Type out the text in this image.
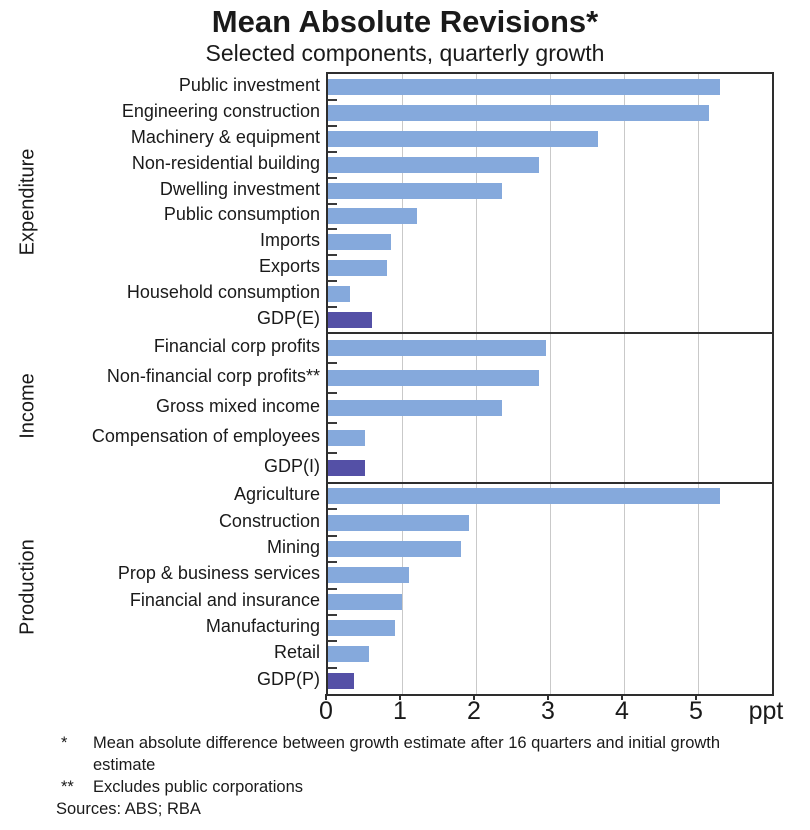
Mean Absolute Revisions*
Selected components, quarterly growth
Public investment
Engineering construction
Machinery & equipment
Non-residential building
Dwelling investment
Public consumption
Imports
Exports
Household consumption
GDP(E)
Expenditure
Financial corp profits
Non-financial corp profits**
Gross mixed income
Compensation of employees
GDP(I)
Income
Agriculture
Construction
Mining
Prop & business services
Financial and insurance
Manufacturing
Retail
GDP(P)
Production
0 1 2 3 4 5 ppt
*	Mean absolute difference between growth estimate after 16 quarters and initial growth estimate
**	Excludes public corporations
Sources: ABS; RBA
